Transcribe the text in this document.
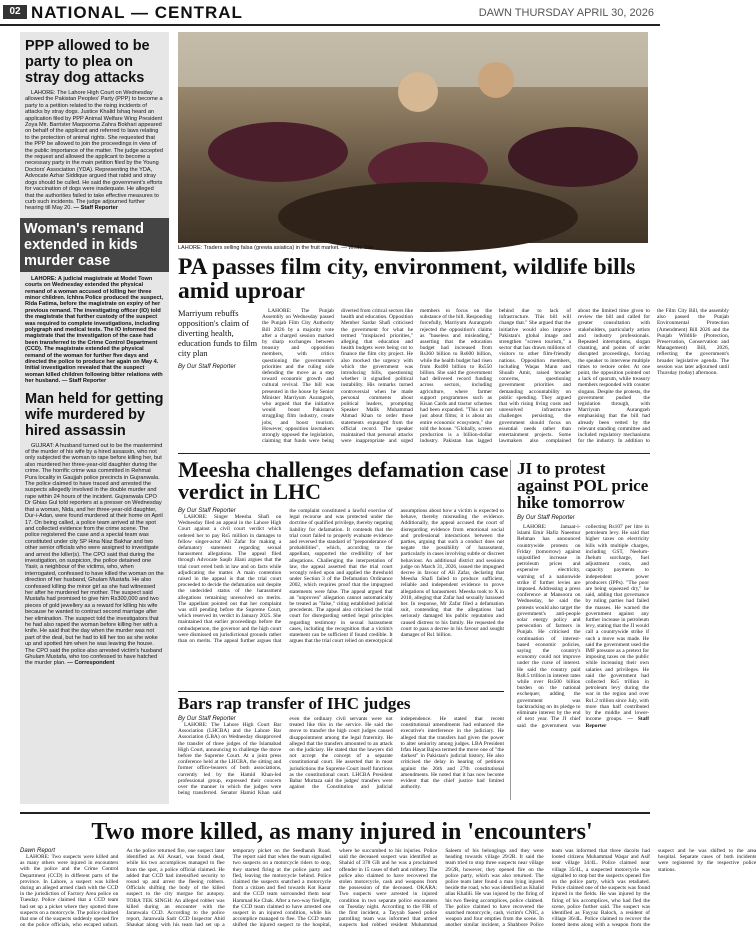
02 NATIONAL — CENTRAL	DAWN THURSDAY APRIL 30, 2026
PPP allowed to be party to plea on stray dog attacks

LAHORE: The Lahore High Court on Wednesday allowed the Pakistan Peoples' Party (PPP) to become a party to a petition related to the rising incidents of attacks by stray dogs. Justice Khalid Ishaq heard an application filed by PPP Animal Welfare Wing President Zoya Mir. Barrister Maqsooma Zahra Bokhari appeared on behalf of the applicant and referred to laws relating to the protection of animal rights. She requested that the PPP be allowed to join the proceedings in view of the public importance of the matter. The judge accepted the request and allowed the applicant to become a necessary party in the main petition filed by the Young Doctors' Association (YDA). Representing the YDA, Advocate Azhar Siddique argued that rabid and stray dogs should be culled. He said the government's efforts for vaccination of dogs were inadequate. He alleged that the authorities failed to take effective measures to curb such incidents. The judge adjourned further hearing till May 20. — Staff Reporter

Woman's remand extended in kids murder case

LAHORE: A judicial magistrate at Model Town courts on Wednesday extended the physical remand of a woman accused of killing her three minor children. Ichhra Police produced the suspect, Rida Fatima, before the magistrate on expiry of her previous remand. The investigating officer (IO) told the magistrate that further custody of the suspect was required to complete investigations, including polygraph and medical tests. The IO informed the magistrate that the investigation of the case had been transferred to the Crime Control Department (CCD). The magistrate extended the physical remand of the woman for further five days and directed the police to produce her again on May 4. Initial investigation revealed that the suspect woman killed children following bitter relations with her husband. — Staff Reporter

Man held for getting wife murdered by hired assassin

GUJRAT: A husband turned out to be the mastermind of the murder of his wife by a hired assassin, who not only subjected the woman to rape before killing her, but also murdered her three-year-old daughter during the crime. The horrific crime was committed in Rehmat Pura locality in Gaujjah police precincts in Gujranwala. The police claimed to have traced and arrested the suspects allegedly involved in the double murder and rape within 24 hours of the incident. Gujranwala CPO Dr Ghias Gul told reporters at a presser on Wednesday that a woman, Nida, and her three-year-old daughter, Dur-i-Adan, were found murdered at their home on April 17. On being called, a police team arrived at the spot and collected evidence from the crime scene. The police registered the case and a special team was constituted under city SP Hina Niaz Bakhar and two other senior officials who were assigned to investigate and arrest the killer(s). The CPO said that during the investigation, on suspicion, the police detained one Yasir, a neighbour of the victims, who, when interrogated, confessed to have killed the woman on the direction of her husband, Ghulam Mustafa. He also confessed killing the minor girl as she had witnessed her after he murdered her mother. The suspect said Mustafa had promised to give him Rs300,000 and two pieces of gold jewellery as a reward for killing his wife because he wanted to contract second marriage after her elimination. The suspect told the investigators that he had also raped the woman before killing her with a knife. He said that the day when the murder was not part of the deal, but he had to kill her too as she woke up and spotted him when he was leaving the house. The CPO said the police also arrested victim's husband Ghulam Mustafa, who too confessed to have hatched the murder plan. — Correspondent

LAHORE: Traders selling falsa (grewia asiatica) in the fruit market. — White Star
PA passes film city, environment, wildlife bills amid uproar
Marriyum rebuffs opposition's claim of diverting health, education funds to film city plan
By Our Staff Reporter

LAHORE: The Punjab Assembly on Wednesday passed the Punjab Film City Authority Bill 2026 by a majority vote after a charged session marked by sharp exchanges between treasury and opposition members, with critics questioning the government's priorities and the ruling side defending the move as a step toward economic growth and cultural revival. The bill was presented in the house by Senior Minister Marriyum Aurangzeb, who argued that the initiative would boost Pakistan's struggling film industry, create jobs, and boost tourism. However, opposition lawmakers strongly opposed the legislation, claiming that funds were being diverted from critical sectors like health and education. Opposition Member Sardar Shafi criticised the government for what he termed "misplaced priorities," alleging that education and health budgets were being cut to finance the film city project. He also mocked the urgency with which the government was introducing bills, questioning whether it signalled political instability. His remarks turned controversial when he made personal comments about political leaders, prompting Speaker Malik Muhammad Ahmad Khan to order those statements expunged from the official record. The speaker maintained that personal attacks were inappropriate and urged members to focus on the substance of the bill. Responding forcefully, Marriyum Aurangzeb rejected the opposition's claims as "baseless and misleading," asserting that the education budget had increased from Rs360 billion to Rs600 billion, while the health budget had risen from Rs400 billion to Rs550 billion. She said the government had delivered record funding across sectors, including agriculture, where farmer support programmes such as Kisan Cards and tractor schemes had been expanded. "This is not just about films; it is about an entire economic ecosystem," she told the house. "Globally, screen production is a billion-dollar industry. Pakistan has lagged behind due to lack of infrastructure. This bill will change that." She argued that the initiative would also improve Pakistan's global image and strengthen "screen tourism," a sector that has drawn millions of visitors to other film-friendly nations. Opposition members, including Waqas Mann and Shoaib Amir, raised broader concerns, questioning government priorities and demanding accountability on public spending. They argued that with rising living costs and unresolved infrastructure challenges persisting, the government should focus on essential needs rather than entertainment projects. Some lawmakers also complained about the limited time given to review the bill and called for greater consultation with stakeholders, particularly artists and industry professionals. Repeated interruptions, slogan chanting, and points of order disrupted proceedings, forcing the speaker to intervene multiple times to restore order. At one point, the opposition pointed out a lack of quorum, while treasury members responded with counter slogans. Despite the protests, the government pushed the legislation through, with Marriyum Aurangzeb emphasising that the bill had already been vetted by the relevant standing committee and included regulatory mechanisms for the industry. In addition to the Film City Bill, the assembly also passed the Punjab Environmental Protection (Amendment) Bill 2026 and the Punjab Wildlife (Protection, Preservation, Conservation and Management) Bill, 2026, reflecting the government's broader legislative agenda. The session was later adjourned until Thursday (today) afternoon.

Meesha challenges defamation case verdict in LHC
By Our Staff Reporter

LAHORE: Singer Meesha Shafi on Wednesday filed an appeal in the Lahore High Court against a civil court verdict which ordered her to pay Rs5 million in damages to fellow singer-actor Ali Zafar for making a defamatory statement regarding sexual harassment allegations. The appeal filed through Advocate Saqib Jilani argues that the trial court erred both in law and on facts while adjudicating the matter. A main contention raised in the appeal is that the trial court proceeded to decide the defamation suit despite the undecided status of the harassment allegations remaining unresolved on merits. The appellant pointed out that her complaint was still pending before the Supreme Court, which reserved its verdict in January 2025. She maintained that earlier proceedings before the ombudsperson, the governor and the high court were dismissed on jurisdictional grounds rather than on merits. The appeal further argues that the complaint constituted a lawful exercise of legal recourse and was protected under the doctrine of qualified privilege, thereby negating liability for defamation. It contends that the trial court failed to properly evaluate evidence and reversed the standard of "preponderance of probabilities", which, according to the appellant, supported the credibility of her allegations. Challenging the interpretation of law, the appeal asserted that the trial court wrongly relied upon and applied the threshold under Section 3 of the Defamation Ordinance 2002, which requires proof that the impugned statements were false. The appeal argued that an "unproven" allegation cannot automatically be treated as "false," citing established judicial precedents. The appeal also criticised the trial court for disregarding settled legal principles regarding testimony in sexual harassment cases, including the recognition that a victim's statement can be sufficient if found credible. It argues that the trial court relied on stereotypical assumptions about how a victim is expected to behave, thereby misreading the evidence. Additionally, the appeal accused the court of disregarding evidence from emotional social and professional interactions between the parties, arguing that such a conduct does not negate the possibility of harassment, particularly in cases involving subtle or discreet behaviour. An additional district and sessions judge on March 31, 2026, issued the impugned decree in favour of Ali Zafar, declaring that Meesha Shafi failed to produce sufficient, reliable and independent evidence to prove allegations of harassment. Meesha took to X in 2018, alleging that Zafar had sexually harassed her. In response, Mr Zafar filed a defamation suit, contending that the allegations had seriously damaged his public reputation and caused distress to his family. He requested the court to pass a decree in his favour and sought damages of Rs1 billion.

JI to protest against POL price hike tomorrow
By Our Staff Reporter

LAHORE: Jamaat-i-Islami Emir Hafiz Naeemur Rehman has announced countrywide protests on Friday (tomorrow) against unjustified increase in petroleum prices and expensive electricity, warning of a nationwide strike if further levies are imposed. Addressing a press conference at Mansoora on Wednesday, he said the protests would also target the government's anti-people solar energy policy and persecution of farmers in Punjab. He criticised the continuation of interest-based economic policies, saying the country's economy could not improve under the curse of interest. He said the country paid Rs8.5 trillion in interest rates while over Rs500 billion burden on the national exchequer, adding the government was backtracking on its pledge to eliminate interest by the end of next year. The JI chief said the government was collecting Rs107 per litre in petroleum levy. He said that higher taxes on electricity bills with multiple charges, including GST, Neelum-Jhelum surcharge, fuel adjustment costs, and capacity payments to independent power producers (IPPs). "The poor are being squeezed dry," he said, adding that governance by ruling parties had failed the masses. He warned the government against any further increase in petroleum levy, stating that the JI would call a countrywide strike if such a move was made. He said the government used the IMF pressure as a pretext for imposing taxes on the public while increasing their own salaries and privileges. He said the government had collected Rs5 trillion in petroleum levy during the war in the region and over Rs1.2 trillion since July, with more than half contributed by the middle and lower-income groups. — Staff Reporter

Bars rap transfer of IHC judges
By Our Staff Reporter

LAHORE: The Lahore High Court Bar Association (LHCBA) and the Lahore Bar Association (LBA) on Wednesday disapproved the transfer of three judges of the Islamabad High Court, announcing to challenge the move before the Supreme Court. At a joint press conference held at the LHCBA, the sitting and former office-bearers of both associations, currently led by the Hamid Khan-led professional group, expressed their concern over the manner in which the judges were being transferred. Senator Hamid Khan said even the ordinary civil servants were not treated like this in the service. He said the move to transfer the high court judges caused disappointment among the legal fraternity. He alleged that the transfers amounted to an attack on the judiciary. He stated that the lawyers did not accept the concept of a separate constitutional court. He asserted that in most jurisdictions the Supreme Court itself functions as the constitutional court. LHCBA President Babar Murtaza said the judges' transfers were against the Constitution and judicial independence. He stated that recent constitutional amendments had enhanced the executive's interference in the judiciary. He alleged that the transfers had given the power to alter seniority among judges. LBA President Irfan Hayat Bajwa termed the move one of "the darkest" in Pakistan's judicial history. He also criticised the delay in hearing of petitions against the 26th and 27th constitutional amendments. He noted that it has now become evident that the chief justice had limited authority.

Two more killed, as many injured in 'encounters'
Dawn Report

LAHORE: Two suspects were killed and as many others were injured in encounters with the police and the Crime Control Department (CCD) in different parts of the province. In Lahore, a suspect was killed during an alleged armed clash with the CCD in the jurisdiction of Factory Area police on Tuesday. Police claimed that a CCD team had set up a picket where they spotted three suspects on a motorcycle. The police claimed that one of the suspects suddenly opened fire on the police officials, who escaped unhurt. As the police returned fire, one suspect later identified as Ali Ansari, was found dead, while his two accomplices managed to flee from the spot, a police official claimed. He added that CCD had intensified security to round up and arrest the fleeing robbers. Officials shifting the body of the killed suspect to the city morgue for autopsy. TOBA TEK SINGH: An alleged robber was killed during an encounter with the Jaranwala CCD. According to the police report, Jaranwala Sadr CCD Inspector Abid Shaukat along with his team had set up a temporary picket on the Seedharah Road. The report said that when the team signalled two suspects on a motorcycle riders to stop, they started firing at the police party and fled, leaving the motorcycle behind. Police claimed the suspects snatched a motorcycle from a citizen and fled towards Kot Kasur and the CCD team surrounded them near Hammad Ke Chak. After a two-way firefight, the CCD team claimed to have arrested one suspect in an injured condition, while his accomplice managed to flee. The CCD team shifted the injured suspect to the hospital, where he succumbed to his injuries. Police said the deceased suspect was identified as Shahid of 378 GB and he was a proclaimed offender in 15 cases of theft and robbery. The police also claimed to have recovered the stolen motorcycle, cash and weapons from the possession of the deceased. OKARA: Two suspects were arrested in injured condition in two separate police encounters on Tuesday night. According to the FIR of the first incident, a Tayyab Saeed police patrolling team was informed that armed suspects had robbed resident Muhammad Saleem of his belongings and they were heading towards village 29/2R. It said the team tried to stop three suspects near village 29/2R, however, they opened fire on the police party, which was also returned. The police team later found a man lying injured beside the road, who was identified as Khalid alias Khalili. He was injured by the firing of his two fleeing accomplices, police claimed. The police claimed to have recovered the snatched motorcycle, cash, victim's CNIC, a weapon and four empties from the scene. In another similar incident, a Shahbore Police team was informed that three dacoits had looted citizens Muhammad Waqar and Asif near village 34/4L. Police claimed near village 35/4L, a suspected motorcycle was signalled to stop but the suspects opened fire on the police party, which was retaliated. Police claimed one of the suspects was found injured in the fields. He was injured by the firing of his accomplices, who had fled the scene, police further said. The suspect was identified as Fayyaz Baloch, a resident of village 36/4L. Police claimed to recover the looted items along with a weapon from the suspect and he was shifted to the area hospital. Separate cases of both incidents were registered by the respective police stations.
